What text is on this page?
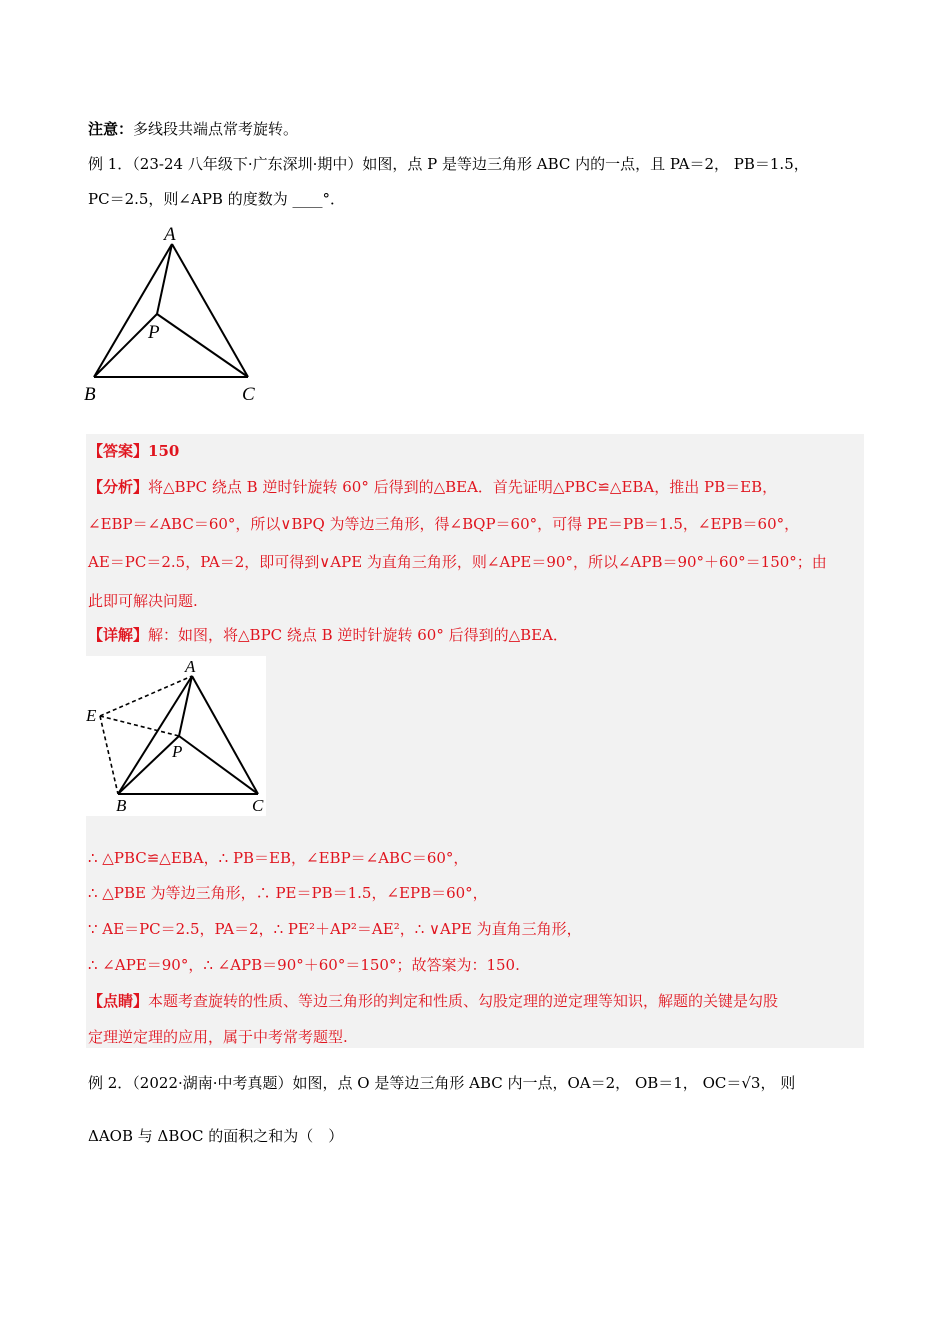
注意：多线段共端点常考旋转。
例 1．（23-24 八年级下·广东深圳·期中）如图，点 P 是等边三角形 ABC 内的一点，且 PA＝2， PB＝1.5，
PC＝2.5，则∠APB 的度数为 ____°．
A
P
B	C
【答案】150
【分析】将△BPC 绕点 B 逆时针旋转 60° 后得到的△BEA．首先证明△PBC≌△EBA，推出 PB＝EB，
∠EBP＝∠ABC＝60°，所以∨BPQ 为等边三角形，得∠BQP＝60°，可得 PE＝PB＝1.5，∠EPB＝60°，
AE＝PC＝2.5，PA＝2，即可得到∨APE 为直角三角形，则∠APE＝90°，所以∠APB＝90°＋60°＝150°；由
此即可解决问题.
【详解】解：如图，将△BPC 绕点 B 逆时针旋转 60° 后得到的△BEA．
A
E
P
B	C
∴ △PBC≌△EBA，∴ PB＝EB，∠EBP＝∠ABC＝60°，
∴ △PBE 为等边三角形，∴ PE＝PB＝1.5，∠EPB＝60°，
∵ AE＝PC＝2.5，PA＝2，∴ PE²＋AP²＝AE²，∴ ∨APE 为直角三角形，
∴ ∠APE＝90°，∴ ∠APB＝90°＋60°＝150°；故答案为：150.
【点睛】本题考查旋转的性质、等边三角形的判定和性质、勾股定理的逆定理等知识，解题的关键是勾股
定理逆定理的应用，属于中考常考题型.
例 2．（2022·湖南·中考真题）如图，点 O 是等边三角形 ABC 内一点，OA＝2， OB＝1， OC＝√3， 则
ΔAOB 与 ΔBOC 的面积之和为（　）
